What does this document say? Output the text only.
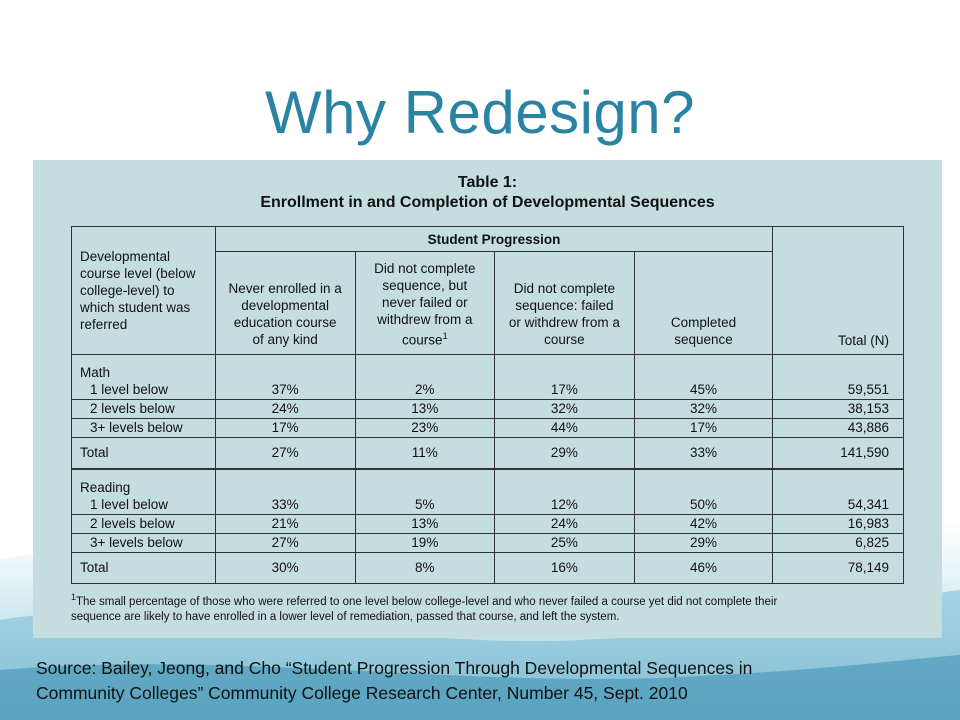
Why Redesign?
Table 1:
Enrollment in and Completion of Developmental Sequences
Developmental
course level (below
college-level) to
which student was
referred	Student Progression				Total (N)
	Never enrolled in a
developmental
education course
of any kind	Did not complete
sequence, but
never failed or
withdrew from a
course$^1$	Did not complete
sequence: failed
or withdrew from a
course	Completed
sequence	
Math					
1 level below	37%	2%	17%	45%	59,551
2 levels below	24%	13%	32%	32%	38,153
3+ levels below	17%	23%	44%	17%	43,886
Total	27%	11%	29%	33%	141,590
Reading					
1 level below	33%	5%	12%	50%	54,341
2 levels below	21%	13%	24%	42%	16,983
3+ levels below	27%	19%	25%	29%	6,825
Total	30%	8%	16%	46%	78,149
$^1$The small percentage of those who were referred to one level below college-level and who never failed a course yet did not complete their
sequence are likely to have enrolled in a lower level of remediation, passed that course, and left the system.
Source: Bailey, Jeong, and Cho “Student Progression Through Developmental Sequences in
Community Colleges” Community College Research Center, Number 45, Sept. 2010
